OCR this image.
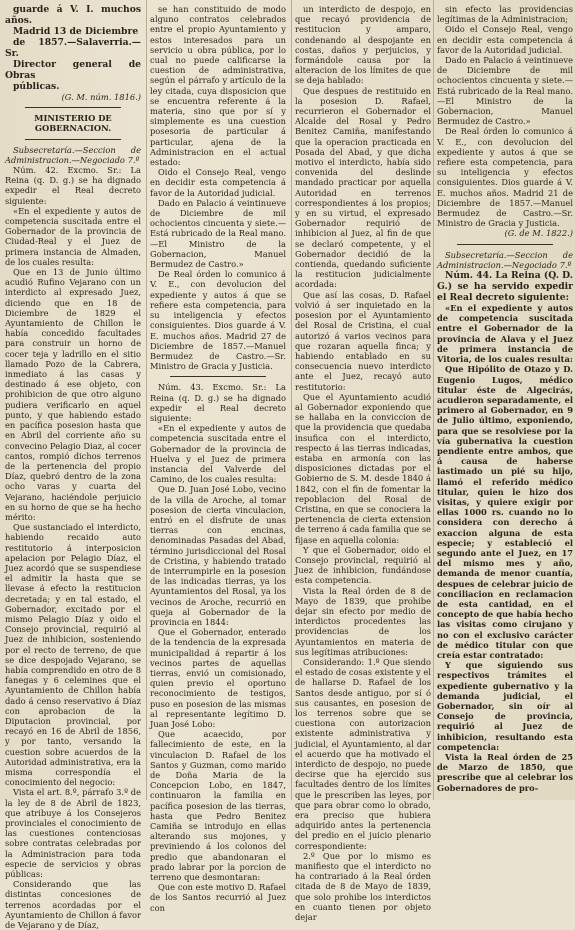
guarde á V. I. muchos años.

Madrid 13 de Diciembre

de 1857.—Salaverria.—Sr.

Director general de Obras

públicas.

(G. M. núm. 1816.)

MINISTERIO DE GOBERNACION.

Subsecretaría.—Seccion de Administracion.—Negociado 7.º

Núm. 42. Excmo. Sr.: La Reina (q. D. g.) se ha dignado expedir el Real decreto siguiente:

«En el expediente y autos de competencia suscitada entre el Gobernador de la provincia de Ciudad-Real y el Juez de primera instancia de Almaden, de los cuales resulta:

Que en 13 de Junio último acudió Rufino Vejarano con un interdicto al expresado Juez, diciendo que en 18 de Diciembre de 1829 el Ayuntamiento de Chillon le había concedido facultades para construir un horno de cocer teja y ladrillo en el sitio llamado Pozo de la Cabrera, inmediato á las casas y destinado á ese objeto, con prohibicion de que otro alguno pudiera verificarlo en aquel punto, y que habiendo estado en pacífica posesion hasta que en Abril del corriente año su convecino Pelagio Diaz, al cocer cantos, rompió dichos terrenos de la pertenencia del propio Díaz, quebró dentro de la zona ocho varas y cuarta del Vejarano, haciéndole perjuicio en su horno de que se ha hecho mérito:

Que sustanciado el interdicto, habiendo recaido auto restitutorio á interposicion apelacion por Pelagio Díaz, el Juez acordó que se suspendiese el admitir la hasta que se llevase á efecto la restitucion decretada; y en tal estado, el Gobernador, excitado por el mismo Pelagio Díaz y oido el Consejo provincial, requirió al Juez de inhibicion, sosteniendo por el recto de terreno, de que se dice despojado Vejarano, se había comprendido en otro de 8 fanegas y 6 celemines que el Ayuntamiento de Chillon había dado á censo reservativo á Díaz con aprobacion de la Diputacion provincial, por recayó en 16 de Abril de 1856, y por tanto, versando la cuestion sobre acuerdos de la Autoridad administrativa, era la misma correspondía el conocimiento del negocio:

Vista el art. 8.º, párrafo 3.º de la ley de 8 de Abril de 1823, que atribuye á los Consejeros provinciales el conocimiento de las cuestiones contenciosas sobre contratas celebradas por la Administracion para toda especie de servicios y obras públicas:

Considerando que las distintas concesiones de terrenos acordadas por el Ayuntamiento de Chillon á favor de Vejarano y de Díaz,

se han constituido de modo alguno contratos celebrados entre el propio Ayuntamiento y estos interesados para un servicio u obra pública, por lo cual no puede calificarse la cuestion de administrativa, según el párrafo y artículo de la ley citada, cuya disposicion que se encuentra referente á la materia, sino que por sí y simplemente es una cuestion posesoria de particular á particular, ajena de la Administracion en el actual estado:

Oido el Consejo Real, vengo en decidir esta competencia á favor de la Autoridad judicial.

Dado en Palacio á veintinueve de Diciembre de mil ochocientos cincuenta y siete.—Está rubricado de la Real mano.—El Ministro de la Gobernacion, Manuel Bermudez de Castro.»

De Real órden lo comunico á V. E., con devolucion del expediente y autos á que se refiere esta competencia, para su inteligencia y efectos consiguientes. Dios guarde á V. E. muchos años. Madrid 27 de Diciembre de 1857.—Manuel Bermudez de Castro.—Sr. Ministro de Gracia y Justicia.

Núm. 43. Excmo. Sr.: La Reina (q. D. g.) se ha dignado expedir el Real decreto siguiente:

«En el expediente y autos de competencia suscitada entre el Gobernador de la provincia de Huelva y el Juez de primera instancia del Valverde del Camino, de los cuales resulta:

Que D. Juan José Lobo, vecino de la villa de Aroche, al tomar posesion de cierta vinculacion, entró en el disfrute de unas tierras con encinas, denominadas Pasadas del Abad, término jurisdiccional del Rosal de Cristina, y habiendo tratado de interrumpirle en la posesion de las indicadas tierras, ya los Ayuntamientos del Rosal, ya los vecinos de Aroche, recurrió en queja al Gobernador de la provincia en 1844:

Que el Gobernador, enterado de la tendencia de la expresada municipalidad á repartir á los vecinos partes de aquellas tierras, envió un comisionado, quien previo el oportuno reconocimiento de testigos, puso en posesion de las mismas al representante legítimo D. Juan José Lobo:

Que acaecido, por fallecimiento de este, en la vinculacion D. Rafael de los Santos y Guzman, como marido de Doña Maria de la Concepcion Lobo, en 1847, continuaron la familia en pacífica posesion de las tierras, hasta que Pedro Benitez Camiña se introdujo en ellas alterando sus mojones, y previniendo á los colonos del predio que abandonaran el prado labrar por la porcion de terreno que desmontaran:

Que con este motivo D. Rafael de los Santos recurrió al Juez con

un interdicto de despojo, en que recayó providencia de restitucion y amparo, condenando al despojante en costas, daños y perjuicios, y formándole causa por la alteracion de los límites de que se deja hablado:

Que despues de restituido en la posesion D. Rafael, recurrieron el Gobernador el Alcalde del Rosal y Pedro Benitez Camiña, manifestando que la operacion practicada en Posada del Abad, y que dicha motivo el interdicto, había sido convenida del deslinde mandado practicar por aquella Autoridad en terrenos correspondientes á los propios; y en su virtud, el expresado Gobernador requirió de inhibicion al Juez, al fin de que se declaró competente, y el Gobernador decidió de la contienda, quedando suficiente la restitucion judicialmente acordada:

Que así las cosas, D. Rafael volvió á ser inquietado en la posesion por el Ayuntamiento del Rosal de Cristina, el cual autorizó á varios vecinos para que rozaran aquella finca; y habiendo entablado en su consecuencia nuevo interdicto ante el Juez, recayó auto restitutorio:

Que el Ayuntamiento acudió al Gobernador exponiendo que se hallaba en la conviccion de que la providencia que quedaba insufica con el interdicto, respecto á las tierras indicadas, estaba en armonía con las disposiciones dictadas por el Gobierno de S. M. desde 1840 á 1842, con el fin de fomentar la repoblacion del Rosal de Cristina, en que se conociera la pertenencia de cierta extension de terreno á cada familia que se fijase en aquella colonia:

Y que el Gobernador, oido el Consejo provincial, requirió al Juez de inhibicion, fundándose esta competencia.

Vista la Real órden de 8 de Mayo de 1839, que prohibe dejar sin efecto por medio de interdictos procedentes las providencias de los Ayuntamientos en materia de sus legítimas atribuciones:

Considerando: 1.º Que siendo el estado de cosas existente y el de hallarse D. Rafael de los Santos desde antiguo, por sí ó sus causantes, en posesion de los terrenos sobre que se cuestiona con autorizacion existente administrativa y judicial, el Ayuntamiento, al dar el acuerdo que ha motivado el interdicto de despojo, no puede decirse que ha ejercido sus facultades dentro de los límites que le prescriben las leyes, por que para obrar como lo obrado, era preciso que hubiera adquirido antes la pertenencia del predio en el juicio plenario correspondiente:

2.º Que por lo mismo es manifiesto que el interdicto no ha contrariado á la Real órden citada de 8 de Mayo de 1839, que solo prohibe los interdictos en cuanto tienen por objeto dejar

sin efecto las providencias legítimas de la Administracion;

Oido el Consejo Real, vengo en decidir esta competencia á favor de la Autoridad judicial.

Dado en Palacio á veintinueve de Diciembre de mil ochocientos cincuenta y siete.—Está rubricado de la Real mano.—El Ministro de la Gobernacion, Manuel Bermudez de Castro.»

De Real órden lo comunico á V. E., con devolucion del expediente y autos á que se refiere esta competencia, para su inteligencia y efectos consiguientes. Dios guarde á V. E. muchos años. Madrid 21 de Diciembre de 1857.—Manuel Bermudez de Castro.—Sr. Ministro de Gracia y Justicia.

(G. de M. 1822.)

Subsecretaría.—Seccion de Administracion.—Negociado 7.º

Núm. 44. La Reina (Q. D. G.) se ha servido expedir el Real decreto siguiente:

«En el expediente y autos de competencia suscitada entre el Gobernador de la provincia de Alava y el Juez de primera instancia de Vitoria, de los cuales resulta:

Que Hipólito de Otazo y D. Eugenio Lugos, médico titular éste de Algecirás, acudieron separadamente, el primero al Gobernador, en 9 de Julio último, exponiendo, para que se resolviese por la vía gubernativa la cuestion pendiente entre ambos, que á causa de haberse lastimado un pié su hijo, llamó el referido médico titular, quien le hizo dos visitas, y quiere exigir por ellas 1000 rs. cuando no lo considera con derecho á exaccion alguna de esta especie; y estableció el segundo ante el Juez, en 17 del mismo mes y año, demanda de menor cuantía, despues de celebrar juicio de conciliacion en reclamacion de esta cantidad, en el concepto de que había hecho las visitas como cirujano y no con el exclusivo carácter de médico titular con que creía estar contratado:

Y que siguiendo sus respectivos trámites el expediente gubernativo y la demanda judicial, el Gobernador, sin oír al Consejo de provincia, requirió al Juez de inhibicion, resultando esta competencia:

Vista la Real órden de 25 de Marzo de 1850, que prescribe que al celebrar los Gobernadores de pro-
